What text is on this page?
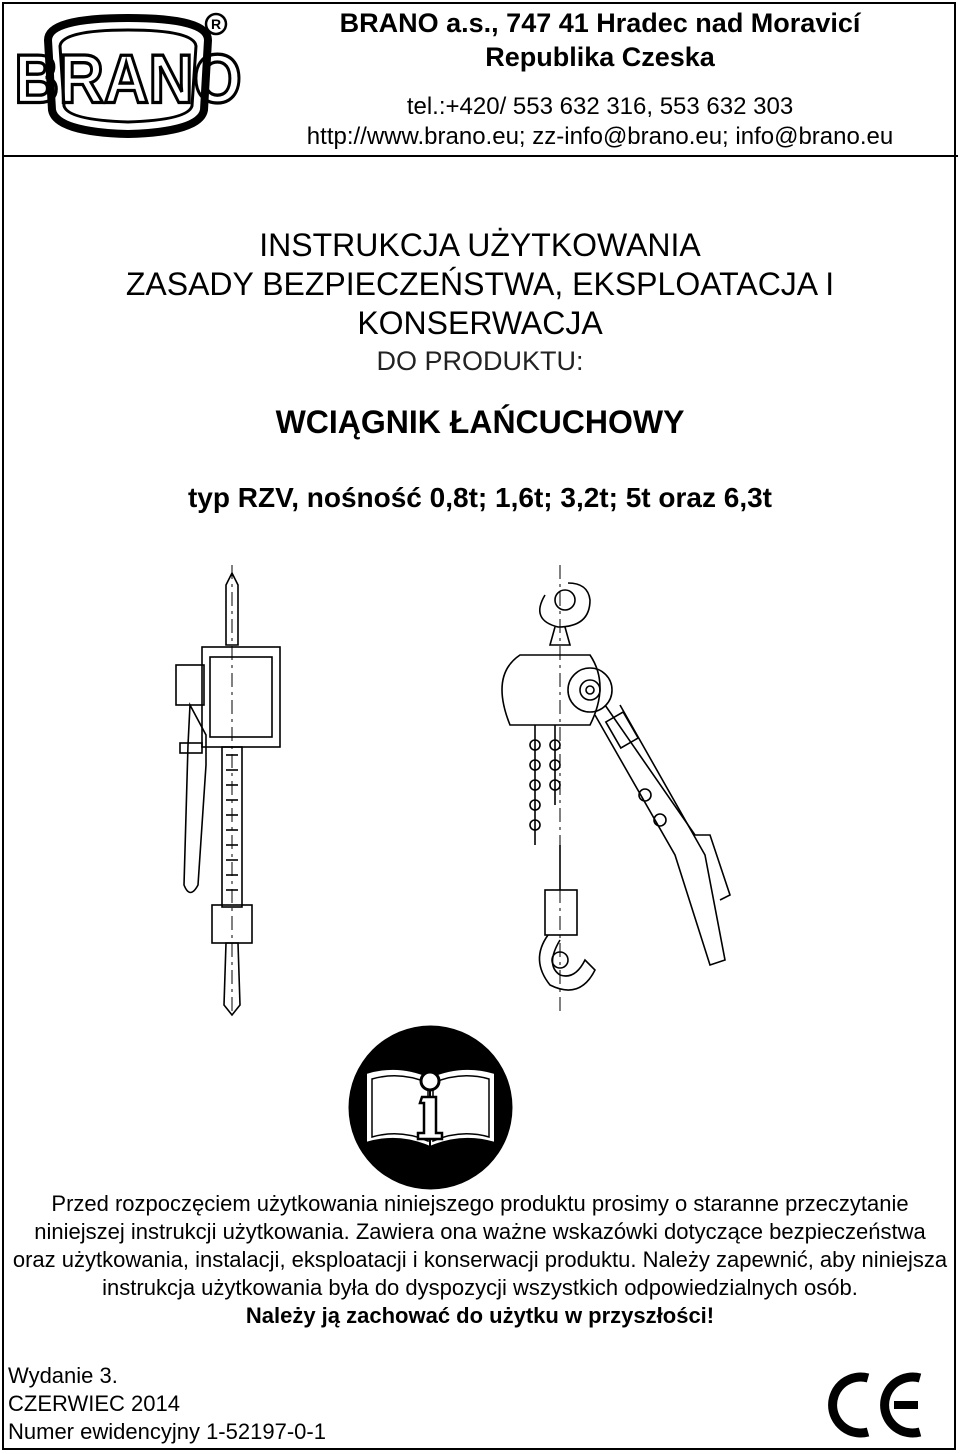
BRANO
R	BRANO a.s., 747 41 Hradec nad Moravicí
Republika Czeska
tel.:+420/ 553 632 316, 553 632 303
http://www.brano.eu; zz-info@brano.eu; info@brano.eu
INSTRUKCJA UŻYTKOWANIA
ZASADY BEZPIECZEŃSTWA, EKSPLOATACJA I
KONSERWACJA
DO PRODUKTU:
WCIĄGNIK ŁAŃCUCHOWY
typ RZV, nośność 0,8t; 1,6t; 3,2t; 5t oraz 6,3t
Przed rozpoczęciem użytkowania niniejszego produktu prosimy o staranne przeczytanie niniejszej instrukcji użytkowania. Zawiera ona ważne wskazówki dotyczące bezpieczeństwa oraz użytkowania, instalacji, eksploatacji i konserwacji produktu. Należy zapewnić, aby niniejsza instrukcja użytkowania była do dyspozycji wszystkich odpowiedzialnych osób.
Należy ją zachować do użytku w przyszłości!
Wydanie 3.
CZERWIEC 2014
Numer ewidencyjny 1-52197-0-1
